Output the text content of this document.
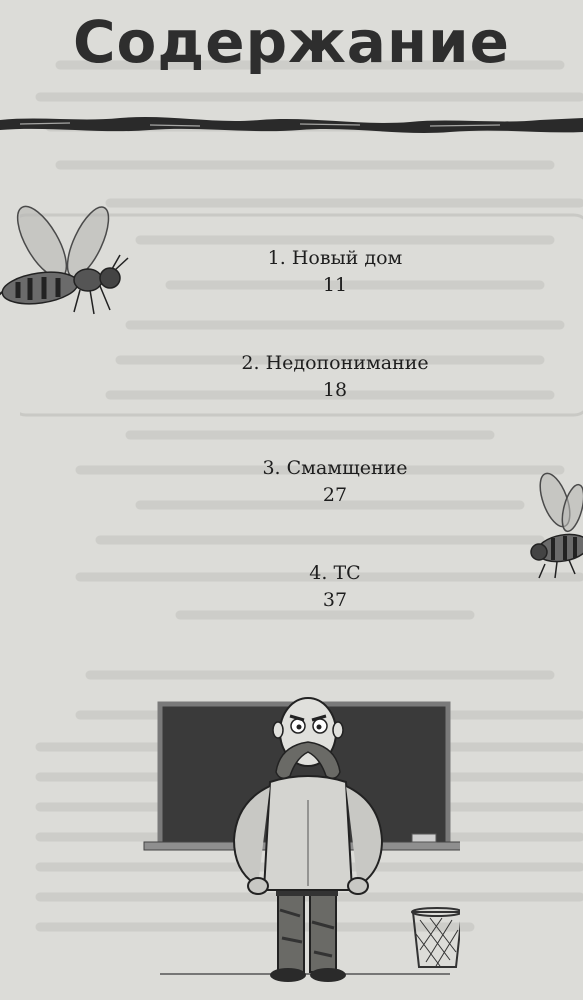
Содержание
1. Новый дом
11
2. Недопонимание
18
3. Смамщение
27
4. ТС
37
